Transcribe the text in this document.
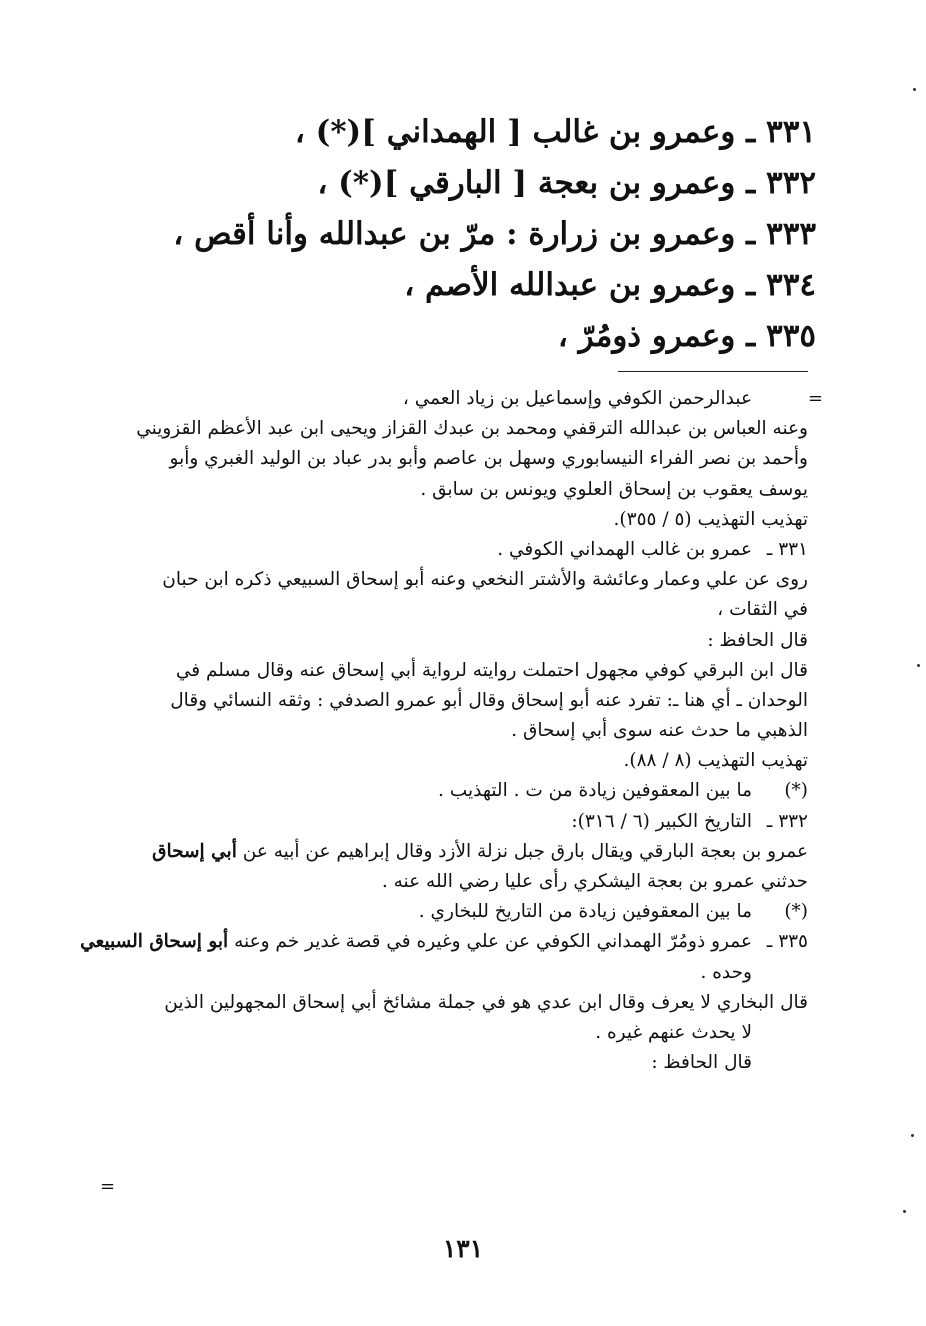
٣٣١ ـ وعمرو بن غالب [ الهمداني ](*) ،
٣٣٢ ـ وعمرو بن بعجة [ البارقي ](*) ،
٣٣٣ ـ وعمرو بن زرارة : مرّ بن عبدالله وأنا أقص ،
٣٣٤ ـ وعمرو بن عبدالله الأصم ،
٣٣٥ ـ وعمرو ذومُرّ ،
=
عبدالرحمن الكوفي وإسماعيل بن زياد العمي ،
وعنه العباس بن عبدالله الترقفي ومحمد بن عبدك القزاز ويحيى ابن عبد الأعظم القزويني
وأحمد بن نصر الفراء النيسابوري وسهل بن عاصم وأبو بدر عباد بن الوليد الغبري وأبو
يوسف يعقوب بن إسحاق العلوي ويونس بن سابق .
تهذيب التهذيب (٥ / ٣٥٥).
٣٣١ ـ
عمرو بن غالب الهمداني الكوفي .
روى عن علي وعمار وعائشة والأشتر النخعي وعنه أبو إسحاق السبيعي ذكره ابن حبان
في الثقات ،
قال الحافظ :
قال ابن البرقي كوفي مجهول احتملت روايته لرواية أبي إسحاق عنه وقال مسلم في
الوحدان ـ أي هنا ـ: تفرد عنه أبو إسحاق وقال أبو عمرو الصدفي : وثقه النسائي وقال
الذهبي ما حدث عنه سوى أبي إسحاق .
تهذيب التهذيب (٨ / ٨٨).
(*)
ما بين المعقوفين زيادة من ت . التهذيب .
٣٣٢ ـ
التاريخ الكبير (٦ / ٣١٦):
عمرو بن بعجة البارقي ويقال بارق جبل نزلة الأزد وقال إبراهيم عن أبيه عن أبي إسحاق
حدثني عمرو بن بعجة اليشكري رأى عليا رضي الله عنه .
(*)
ما بين المعقوفين زيادة من التاريخ للبخاري .
٣٣٥ ـ
عمرو ذومُرّ الهمداني الكوفي عن علي وغيره في قصة غدير خم وعنه أبو إسحاق السبيعي
وحده .
قال البخاري لا يعرف وقال ابن عدي هو في جملة مشائخ أبي إسحاق المجهولين الذين
لا يحدث عنهم غيره .
قال الحافظ :
=
١٣١
